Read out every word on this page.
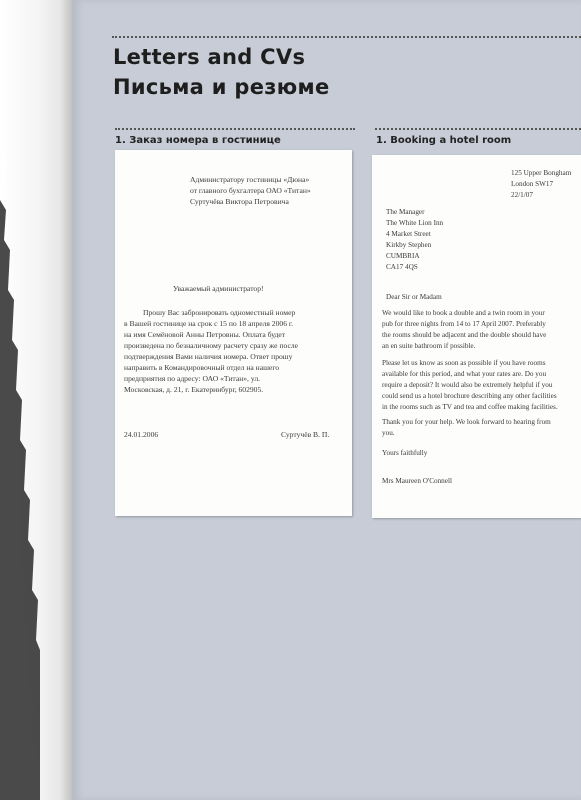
Letters and CVs
Письма и резюме
1. Заказ номера в гостинице	1. Booking a hotel room
Администратору гостиницы «Дюна»
от главного бухгалтера ОАО «Титан»
Суртучёва Виктора Петровича
Уважаемый администратор!
Прошу Вас забронировать одноместный номер
в Вашей гостинице на срок с 15 по 18 апреля 2006 г.
на имя Семёновой Анны Петровны. Оплата будет
произведена по безналичному расчету сразу же после
подтверждения Вами наличия номера. Ответ прошу
направить в Командировочный отдел на нашего
предприятия по адресу: ОАО «Титан», ул.
Московская, д. 21, г. Екатеринбург, 602905.
24.01.2006	Суртучёв В. П.
125 Upper Bongham
London SW17
22/1/07
The Manager
The White Lion Inn
4 Market Street
Kirkby Stephen
CUMBRIA
CA17 4QS
Dear Sir or Madam
We would like to book a double and a twin room in your
pub for three nights from 14 to 17 April 2007. Preferably
the rooms should be adjacent and the double should have
an en suite bathroom if possible.
Please let us know as soon as possible if you have rooms
available for this period, and what your rates are. Do you
require a deposit? It would also be extremely helpful if you
could send us a hotel brochure describing any other facilities
in the rooms such as TV and tea and coffee making facilities.
Thank you for your help. We look forward to hearing from
you.
Yours faithfully
Mrs Maureen O'Connell
